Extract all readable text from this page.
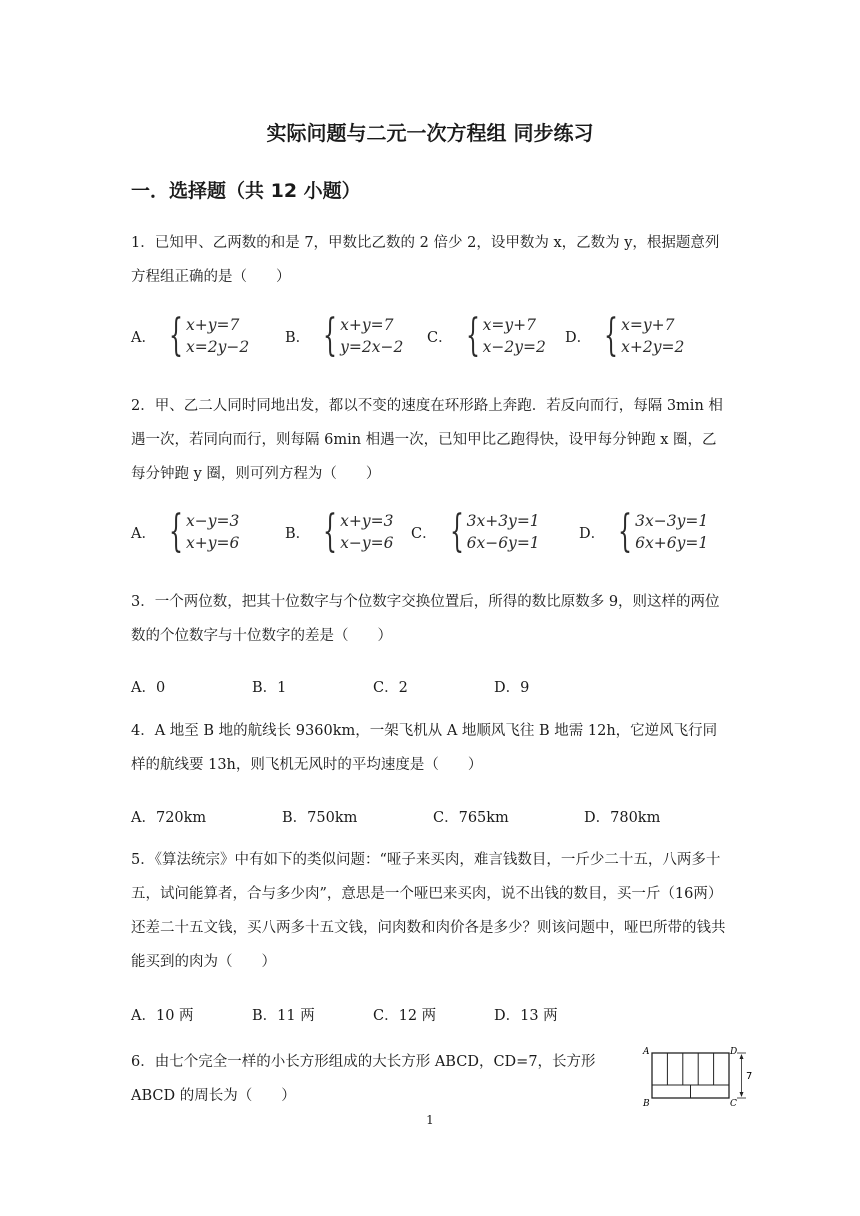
实际问题与二元一次方程组 同步练习
一．选择题（共 12 小题）
1．已知甲、乙两数的和是 7，甲数比乙数的 2 倍少 2，设甲数为 x，乙数为 y，根据题意列方程组正确的是（　　）
A． { x+y=7
x=2y−2
B． { x+y=7
y=2x−2
C． { x=y+7
x−2y=2
D． { x=y+7
x+2y=2
2．甲、乙二人同时同地出发，都以不变的速度在环形路上奔跑．若反向而行，每隔 3min 相遇一次，若同向而行，则每隔 6min 相遇一次，已知甲比乙跑得快，设甲每分钟跑 x 圈，乙每分钟跑 y 圈，则可列方程为（　　）
A． { x−y=3
x+y=6
B． { x+y=3
x−y=6
C． { 3x+3y=1
6x−6y=1
D． { 3x−3y=1
6x+6y=1
3．一个两位数，把其十位数字与个位数字交换位置后，所得的数比原数多 9，则这样的两位数的个位数字与十位数字的差是（　　）
A．0	B．1	C．2	D．9
4．A 地至 B 地的航线长 9360km，一架飞机从 A 地顺风飞往 B 地需 12h，它逆风飞行同样的航线要 13h，则飞机无风时的平均速度是（　　）
A．720km	B．750km	C．765km	D．780km
5．《算法统宗》中有如下的类似问题：“哑子来买肉，难言钱数目，一斤少二十五，八两多十五，试问能算者，合与多少肉”，意思是一个哑巴来买肉，说不出钱的数目，买一斤（16两）还差二十五文钱，买八两多十五文钱，问肉数和肉价各是多少？则该问题中，哑巴所带的钱共能买到的肉为（　　）
A．10 两	B．11 两	C．12 两	D．13 两
6．由七个完全一样的小长方形组成的大长方形 ABCD，CD=7，长方形 ABCD 的周长为（　　）
A
B	C
D
7
1
